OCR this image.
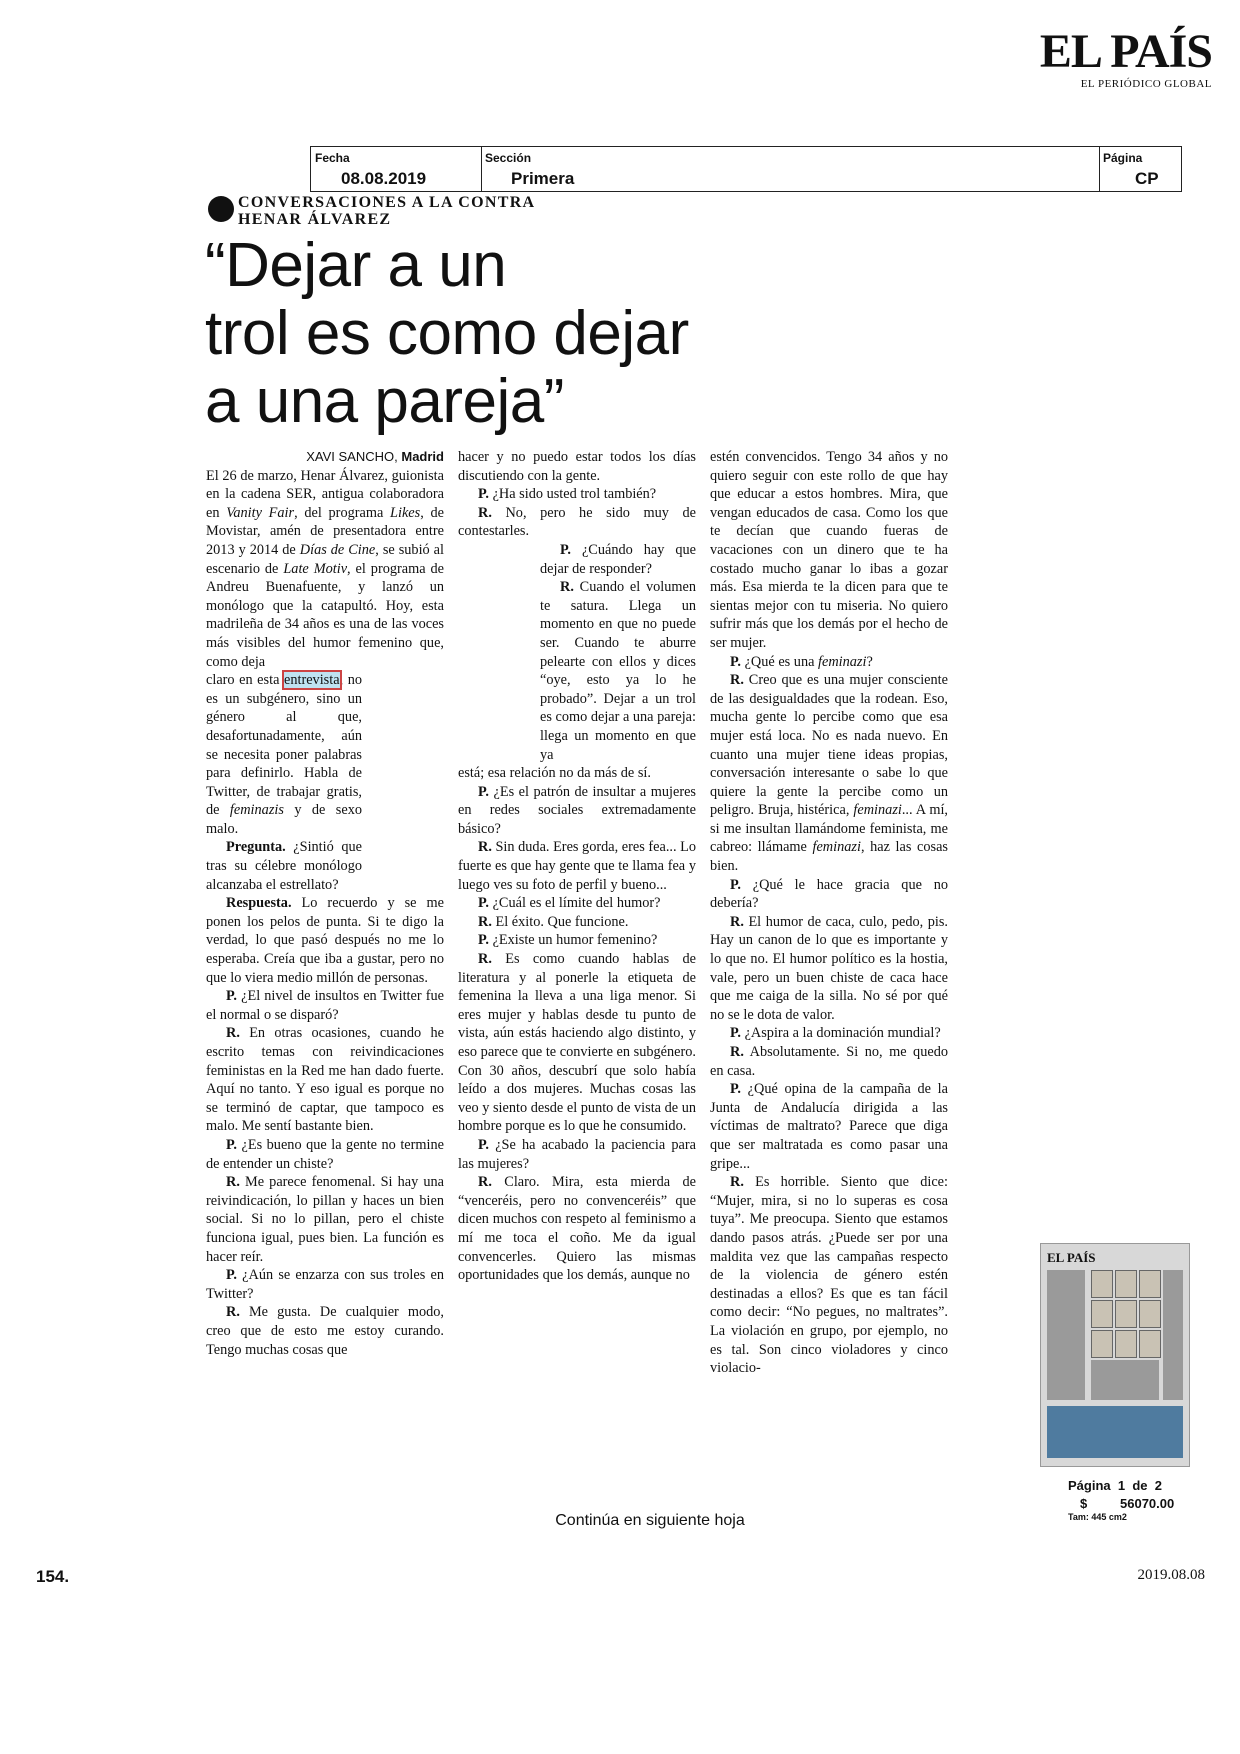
EL PAÍS
EL PERIÓDICO GLOBAL
Fecha
08.08.2019
Sección
Primera
Página
CP
CONVERSACIONES A LA CONTRA
HENAR ÁLVAREZ
“Dejar a un
trol es como dejar
a una pareja”
XAVI SANCHO, Madrid

El 26 de marzo, Henar Álvarez, guionista en la cadena SER, antigua colaboradora en Vanity Fair, del programa Likes, de Movistar, amén de presentadora entre 2013 y 2014 de Días de Cine, se subió al escenario de Late Motiv, el programa de Andreu Buenafuente, y lanzó un monólogo que la catapultó. Hoy, esta madrileña de 34 años es una de las voces más visibles del humor femenino que, como deja

claro en esta entrevista, no es un subgénero, sino un género al que, desafortunadamente, aún se necesita poner palabras para definirlo. Habla de Twitter, de trabajar gratis, de feminazis y de sexo malo.
Pregunta. ¿Sintió que tras su célebre monólogo alcanzaba el estrellato?

Respuesta. Lo recuerdo y se me ponen los pelos de punta. Si te digo la verdad, lo que pasó después no me lo esperaba. Creía que iba a gustar, pero no que lo viera medio millón de personas.

P. ¿El nivel de insultos en Twitter fue el normal o se disparó?

R. En otras ocasiones, cuando he escrito temas con reivindicaciones feministas en la Red me han dado fuerte. Aquí no tanto. Y eso igual es porque no se terminó de captar, que tampoco es malo. Me sentí bastante bien.

P. ¿Es bueno que la gente no termine de entender un chiste?

R. Me parece fenomenal. Si hay una reivindicación, lo pillan y haces un bien social. Si no lo pillan, pero el chiste funciona igual, pues bien. La función es hacer reír.

P. ¿Aún se enzarza con sus troles en Twitter?

R. Me gusta. De cualquier modo, creo que de esto me estoy curando. Tengo muchas cosas que

hacer y no puedo estar todos los días discutiendo con la gente.

P. ¿Ha sido usted trol también?

R. No, pero he sido muy de contestarles.

P. ¿Cuándo hay que dejar de responder?

R. Cuando el volumen te satura. Llega un momento en que no puede ser. Cuando te aburre pelearte con ellos y dices “oye, esto ya lo he probado”. Dejar a un trol es como dejar a una pareja: llega un momento en que ya

está; esa relación no da más de sí.

P. ¿Es el patrón de insultar a mujeres en redes sociales extremadamente básico?

R. Sin duda. Eres gorda, eres fea... Lo fuerte es que hay gente que te llama fea y luego ves su foto de perfil y bueno...

P. ¿Cuál es el límite del humor?

R. El éxito. Que funcione.

P. ¿Existe un humor femenino?

R. Es como cuando hablas de literatura y al ponerle la etiqueta de femenina la lleva a una liga menor. Si eres mujer y hablas desde tu punto de vista, aún estás haciendo algo distinto, y eso parece que te convierte en subgénero. Con 30 años, descubrí que solo había leído a dos mujeres. Muchas cosas las veo y siento desde el punto de vista de un hombre porque es lo que he consumido.

P. ¿Se ha acabado la paciencia para las mujeres?

R. Claro. Mira, esta mierda de “venceréis, pero no convenceréis” que dicen muchos con respeto al feminismo a mí me toca el coño. Me da igual convencerles. Quiero las mismas oportunidades que los demás, aunque no

estén convencidos. Tengo 34 años y no quiero seguir con este rollo de que hay que educar a estos hombres. Mira, que vengan educados de casa. Como los que te decían que cuando fueras de vacaciones con un dinero que te ha costado mucho ganar lo ibas a gozar más. Esa mierda te la dicen para que te sientas mejor con tu miseria. No quiero sufrir más que los demás por el hecho de ser mujer.

P. ¿Qué es una feminazi?

R. Creo que es una mujer consciente de las desigualdades que la rodean. Eso, mucha gente lo percibe como que esa mujer está loca. No es nada nuevo. En cuanto una mujer tiene ideas propias, conversación interesante o sabe lo que quiere la gente la percibe como un peligro. Bruja, histérica, feminazi... A mí, si me insultan llamándome feminista, me cabreo: llámame feminazi, haz las cosas bien.

P. ¿Qué le hace gracia que no debería?

R. El humor de caca, culo, pedo, pis. Hay un canon de lo que es importante y lo que no. El humor político es la hostia, vale, pero un buen chiste de caca hace que me caiga de la silla. No sé por qué no se le dota de valor.

P. ¿Aspira a la dominación mundial?

R. Absolutamente. Si no, me quedo en casa.

P. ¿Qué opina de la campaña de la Junta de Andalucía dirigida a las víctimas de maltrato? Parece que diga que ser maltratada es como pasar una gripe...

R. Es horrible. Siento que dice: “Mujer, mira, si no lo superas es cosa tuya”. Me preocupa. Siento que estamos dando pasos atrás. ¿Puede ser por una maldita vez que las campañas respecto de la violencia de género estén destinadas a ellos? Es que es tan fácil como decir: “No pegues, no maltrates”. La violación en grupo, por ejemplo, no es tal. Son cinco violadores y cinco violacio-

Continúa en siguiente hoja
EL PAÍS
Página 1 de 2
$	56070.00
Tam: 445 cm2
154.	2019.08.08
